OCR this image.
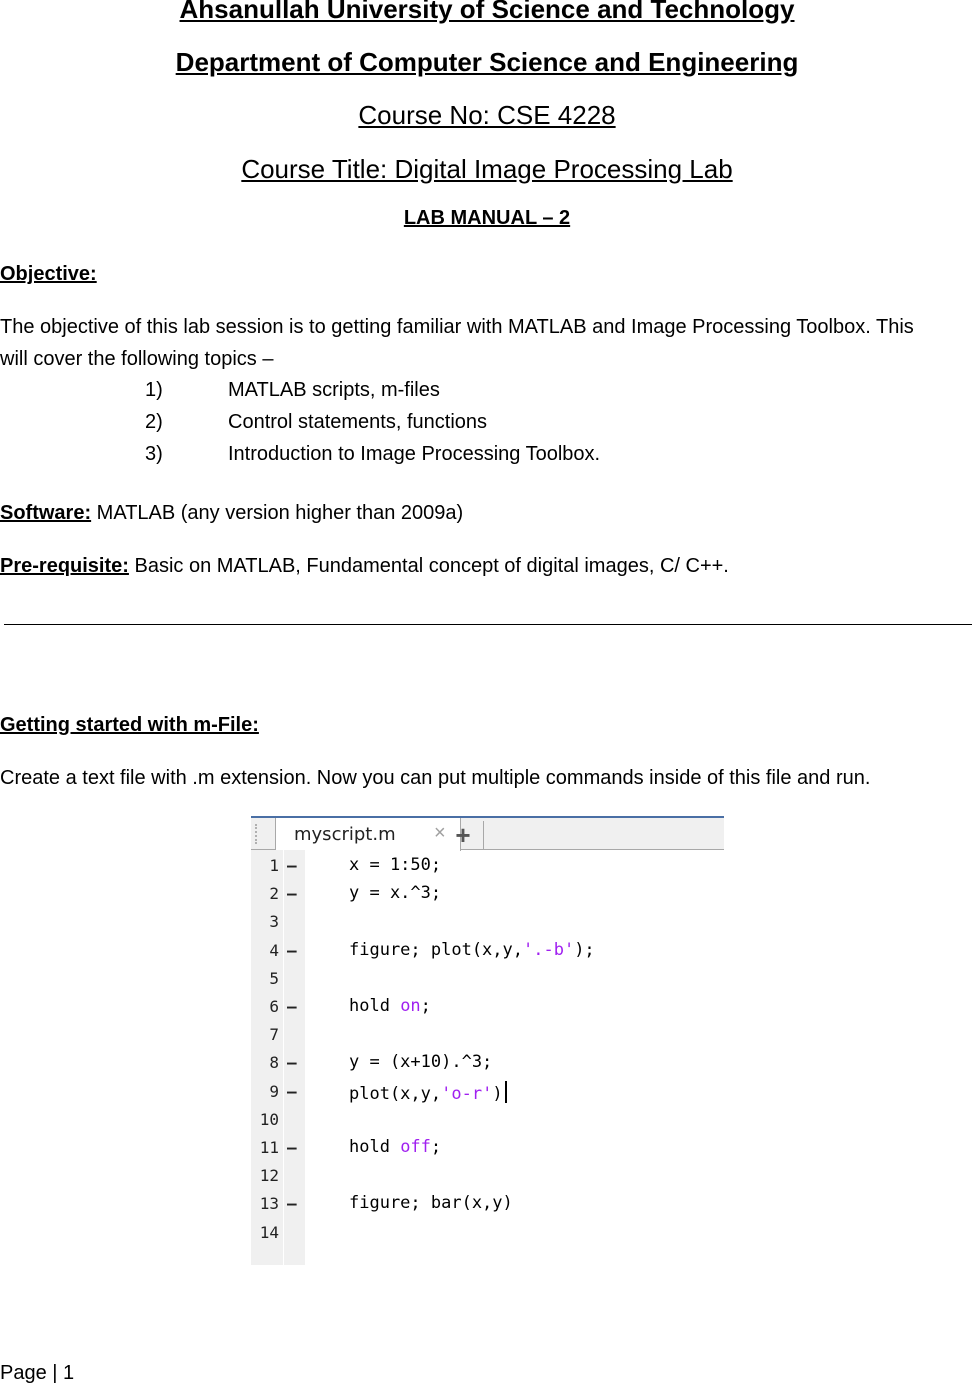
Ahsanullah University of Science and Technology
Department of Computer Science and Engineering
Course No: CSE 4228
Course Title: Digital Image Processing Lab
LAB MANUAL – 2
Objective:
The objective of this lab session is to getting familiar with MATLAB and Image Processing Toolbox. This
will cover the following topics –
1)	MATLAB scripts, m-files
2)	Control statements, functions
3)	Introduction to Image Processing Toolbox.
Software: MATLAB (any version higher than 2009a)
Pre-requisite: Basic on MATLAB, Fundamental concept of digital images, C/ C++.
Getting started with m-File:
Create a text file with .m extension. Now you can put multiple commands inside of this file and run.
myscript.m × +
1 –	x = 1:50;
2 –	y = x.^3;
3
4 –	figure; plot(x,y,'.-b');
5
6 –	hold on;
7
8 –	y = (x+10).^3;
9 –	plot(x,y,'o-r')
10
11 –	hold off;
12
13 –	figure; bar(x,y)
14
Page | 1
